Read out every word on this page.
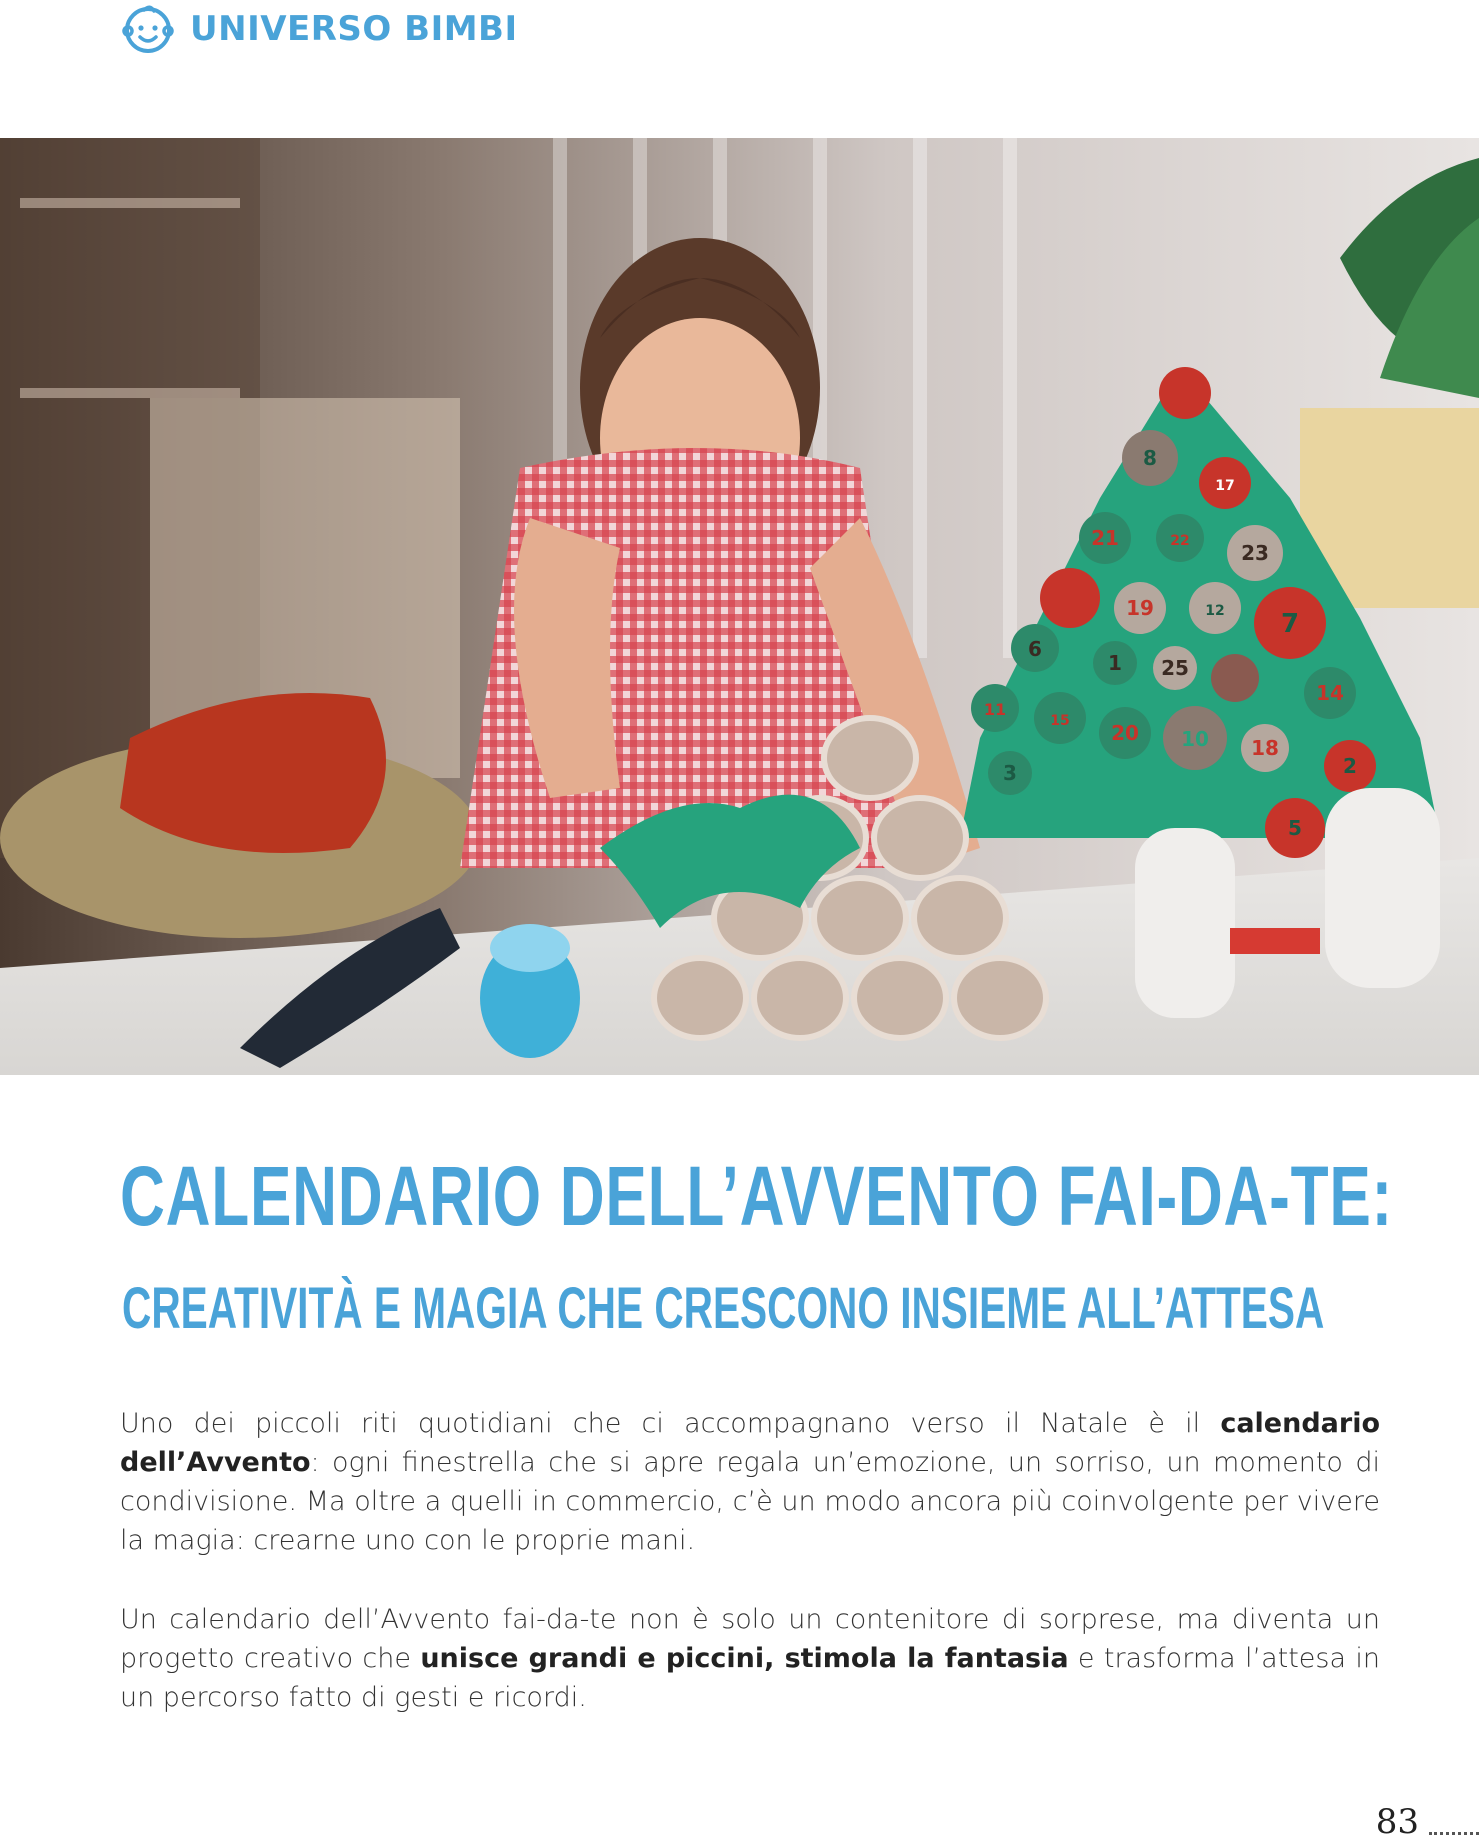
UNIVERSO BIMBI
8
17
21
23
22
19	12 7
6
1 25
11
15 20 10 18
14
3	2
5
CALENDARIO DELL’AVVENTO FAI-DA-TE:
CREATIVITÀ E MAGIA CHE CRESCONO INSIEME ALL’ATTESA

Uno dei piccoli riti quotidiani che ci accompagnano verso il Natale è il calendario dell’Avvento: ogni finestrella che si apre regala un’emozione, un sorriso, un momento di condivisione. Ma oltre a quelli in commercio, c’è un modo ancora più coinvolgente per vivere la magia: crearne uno con le proprie mani.

Un calendario dell’Avvento fai-da-te non è solo un contenitore di sorprese, ma diventa un progetto creativo che unisce grandi e piccini, stimola la fantasia e trasforma l’attesa in un percorso fatto di gesti e ricordi.

83
